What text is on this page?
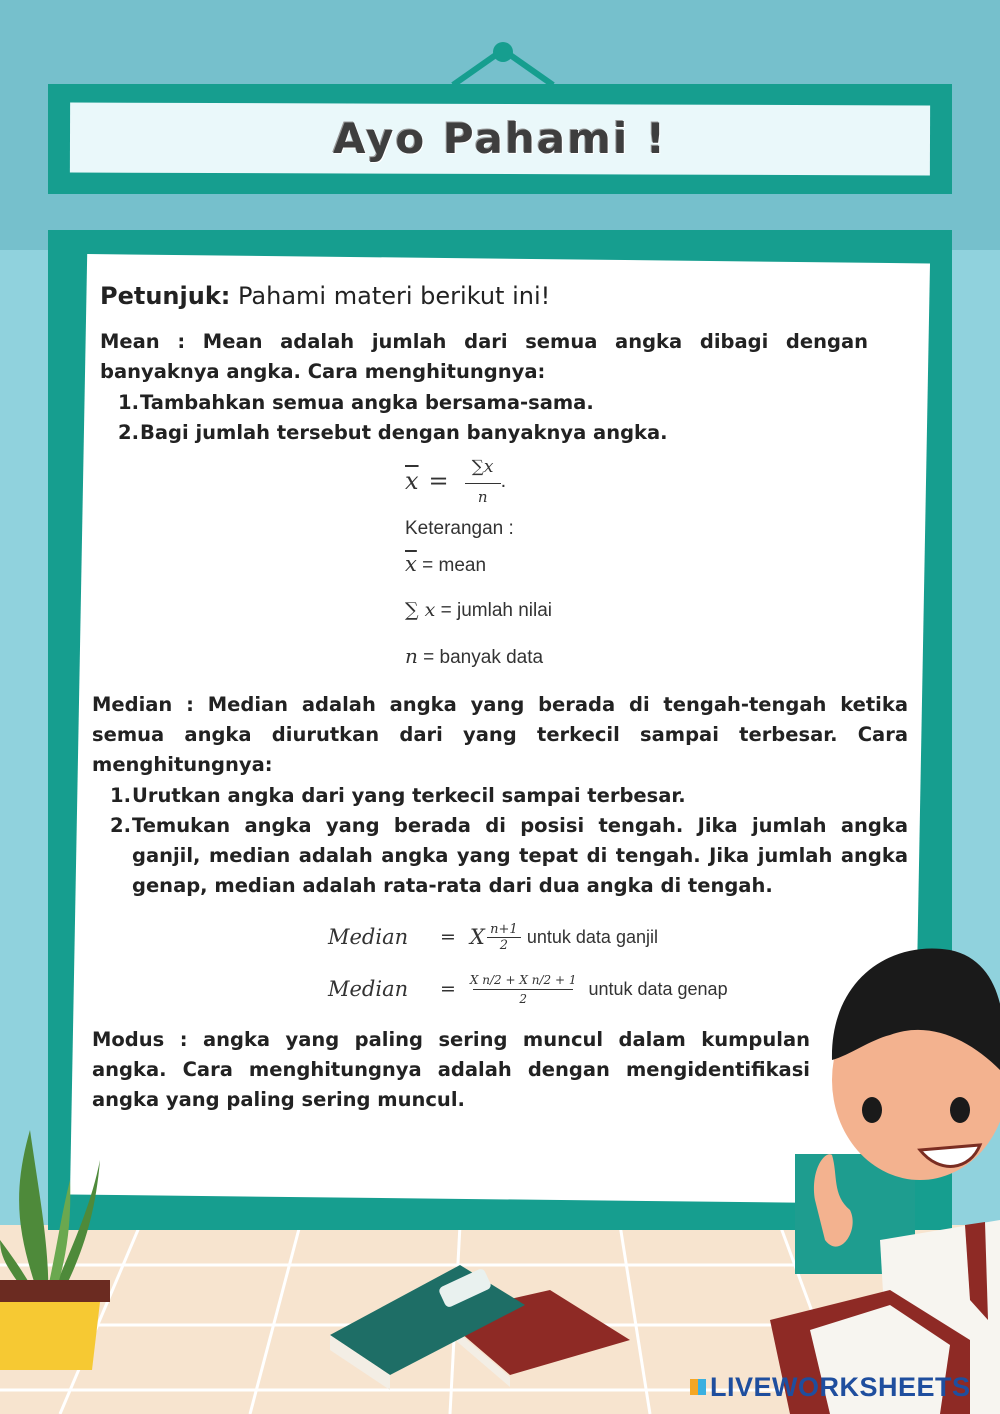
Ayo Pahami !
Petunjuk: Pahami materi berikut ini!
Mean : Mean adalah jumlah dari semua angka dibagi dengan banyaknya angka. Cara menghitungnya:
1. Tambahkan semua angka bersama-sama.
2. Bagi jumlah tersebut dengan banyaknya angka.
$\overline{x}$ =
∑x
n
.
Keterangan :
$\overline{x}$ = mean
∑ x = jumlah nilai
n = banyak data
Median : Median adalah angka yang berada di tengah-tengah ketika semua angka diurutkan dari yang terkecil sampai terbesar. Cara menghitungnya:
1. Urutkan angka dari yang terkecil sampai terbesar.
2. Temukan angka yang berada di posisi tengah. Jika jumlah angka ganjil, median adalah angka yang tepat di tengah. Jika jumlah angka genap, median adalah rata-rata dari dua angka di tengah.
Median	= X n+1
2 untuk data ganjil
Median	= X n/2 + X n/2 + 1
2	untuk data genap
Modus : angka yang paling sering muncul dalam kumpulan angka. Cara menghitungnya adalah dengan mengidentifikasi angka yang paling sering muncul.
LIVEWORKSHEETS
